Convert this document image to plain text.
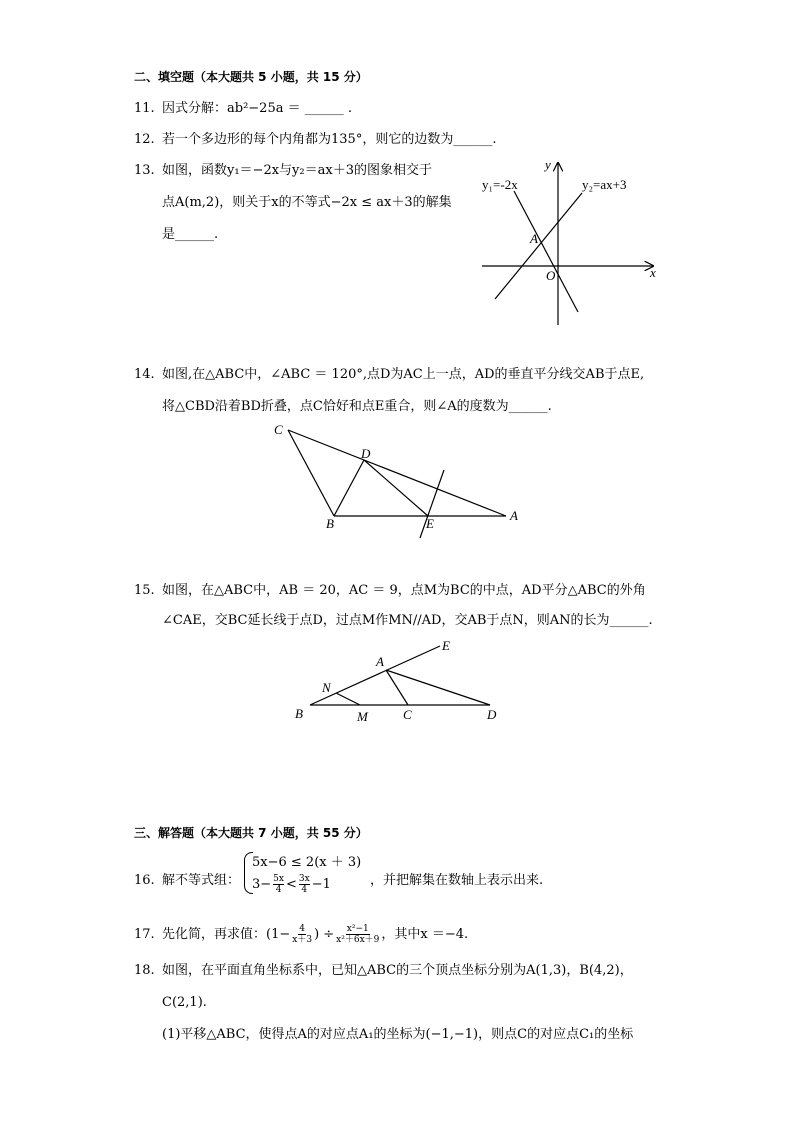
二、填空题（本大题共 5 小题，共 15 分）
11. 因式分解：ab²−25a ＝ ______ .
12. 若一个多边形的每个内角都为135°，则它的边数为______.
13. 如图，函数y₁＝−2x与y₂＝ax＋3的图象相交于
点A(m,2)，则关于x的不等式−2x ≤ ax＋3的解集
是______.
y₁=-2x	y₂=ax+3
A
O	x
y
14. 如图,在△ABC中，∠ABC ＝ 120°,点D为AC上一点，AD的垂直平分线交AB于点E,
将△CBD沿着BD折叠，点C恰好和点E重合，则∠A的度数为______.
C
D
B	E
A
15. 如图，在△ABC中，AB ＝ 20，AC ＝ 9，点M为BC的中点，AD平分△ABC的外角
∠CAE，交BC延长线于点D，过点M作MN//AD，交AB于点N，则AN的长为______.
E
A
N
B	M	C	D
三、解答题（本大题共 7 小题，共 55 分）
16. 解不等式组：
5x−6 ≤ 2(x ＋ 3)
$3- \frac{5x}{4} < \frac{3x}{4} -1$	，并把解集在数轴上表示出来.
17. 先化简，再求值：($1- \frac{4}{x+3}$ ) ÷ $\frac{\text{x²−1}}{\text{x²＋6x＋9}}$ ，其中x ＝−4.
18. 如图，在平面直角坐标系中，已知△ABC的三个顶点坐标分别为A(1,3)，B(4,2)，
C(2,1).
(1)平移△ABC，使得点A的对应点A₁的坐标为(−1,−1)，则点C的对应点C₁的坐标
